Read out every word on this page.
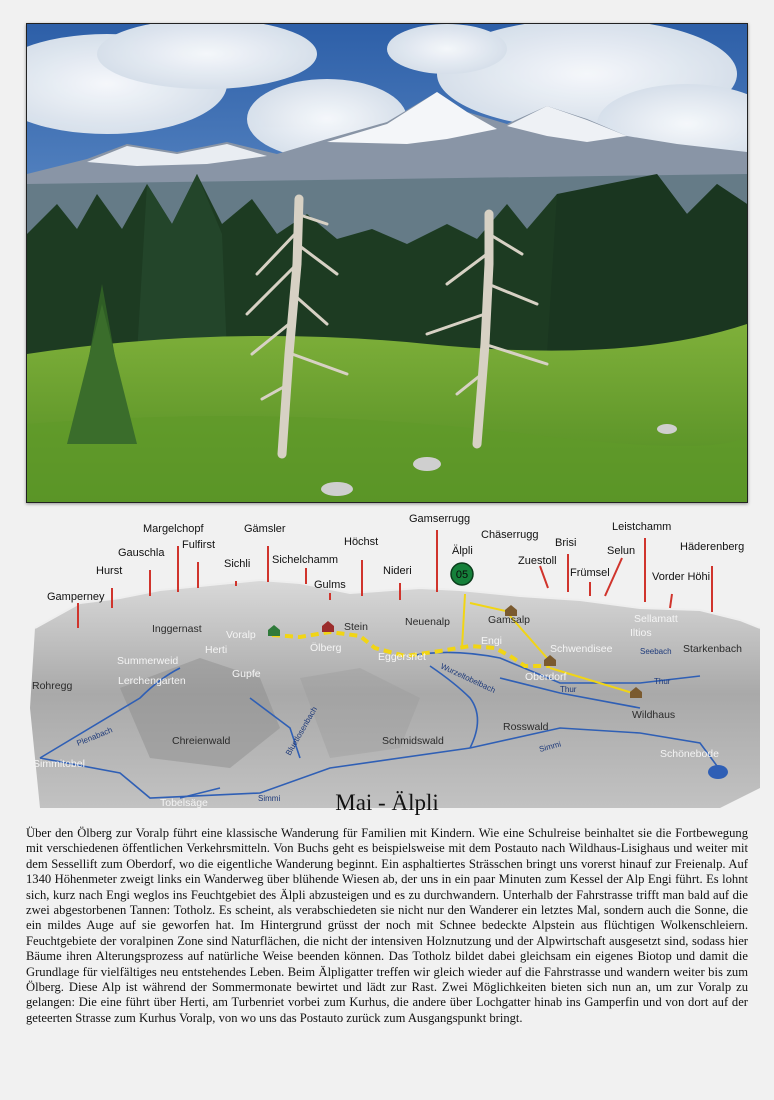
Gamperney
Hurst
Gauschla
Margelchopf
Fulfirst
Sichli
Gämsler
Sichelchamm
Gulms
Höchst
Nideri
Gamserrugg
Älpli
Chäserrugg
Zuestoll
Brisi
Frümsel
Selun
Leistchamm
Vorder Höhi
Häderenberg
05
Inggernast Voralp
Herti
Stein
Ölberg
Neuenalp	Gamsalp	Sellamatt
Iltios
Starkenbach
Summerweid
Lerchengarten
Gupfe
Engi
Eggersriet
Schwendisee
Oberdorf
Rohregg
Wildhaus
Chreienwald	Schmidswald
Rosswald
Simmitobel
Schönebode
Tobelsäge
Wurzeltobelbach
Seebach
Thur
Thur
Bluetlosenbach
Plenabach	Simmi
Simmi	Mai - Älpli

Über den Ölberg zur Voralp führt eine klassische Wanderung für Familien mit Kindern. Wie eine Schulreise beinhaltet sie die Fortbewegung mit verschiedenen öffentlichen Verkehrsmitteln. Von Buchs geht es beispielsweise mit dem Postauto nach Wildhaus-Lisighaus und weiter mit dem Sessellift zum Oberdorf, wo die eigentliche Wanderung beginnt. Ein asphaltiertes Strässchen bringt uns vorerst hinauf zur Freienalp. Auf 1340 Höhenmeter zweigt links ein Wanderweg über blühende Wiesen ab, der uns in ein paar Minuten zum Kessel der Alp Engi führt. Es lohnt sich, kurz nach Engi weglos ins Feuchtgebiet des Älpli abzusteigen und es zu durchwandern. Unterhalb der Fahrstrasse trifft man bald auf die zwei abgestorbenen Tannen: Totholz. Es scheint, als verabschiedeten sie nicht nur den Wanderer ein letztes Mal, sondern auch die Sonne, die ein mildes Auge auf sie geworfen hat. Im Hintergrund grüsst der noch mit Schnee bedeckte Alpstein aus flüchtigen Wolkenschleiern. Feuchtgebiete der voralpinen Zone sind Naturflächen, die nicht der intensiven Holznutzung und der Alpwirtschaft ausgesetzt sind, sodass hier Bäume ihren Alterungsprozess auf natürliche Weise beenden können. Das Totholz bildet dabei gleichsam ein eigenes Biotop und damit die Grundlage für vielfältiges neu entstehendes Leben. Beim Älpligatter treffen wir gleich wieder auf die Fahrstrasse und wandern weiter bis zum Ölberg. Diese Alp ist während der Sommermonate bewirtet und lädt zur Rast. Zwei Möglichkeiten bieten sich nun an, um zur Voralp zu gelangen: Die eine führt über Herti, am Turbenriet vorbei zum Kurhus, die andere über Lochgatter hinab ins Gamperfin und von dort auf der geteerten Strasse zum Kurhus Voralp, von wo uns das Postauto zurück zum Ausgangspunkt bringt.
